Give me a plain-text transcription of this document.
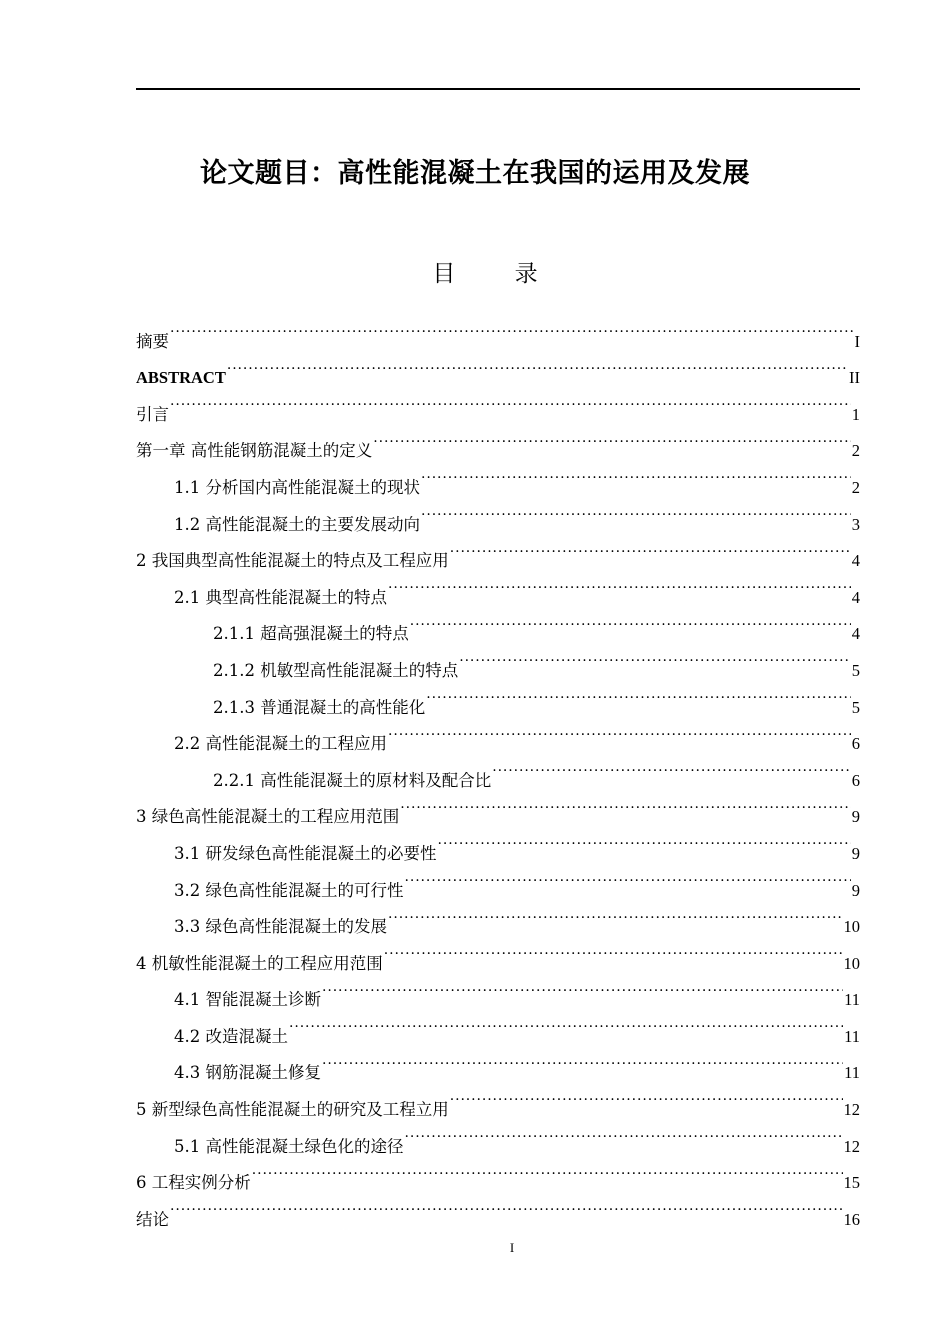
论文题目：高性能混凝土在我国的运用及发展
目 录
摘要 .....	I
ABSTRACT .....	II
引言 .....	1
第一章 高性能钢筋混凝土的定义 .....	2
1.1 分析国内高性能混凝土的现状 .....	2
1.2 高性能混凝土的主要发展动向 .....	3
2 我国典型高性能混凝土的特点及工程应用 .....	4
2.1 典型高性能混凝土的特点 .....	4
2.1.1 超高强混凝土的特点 .....	4
2.1.2 机敏型高性能混凝土的特点 .....	5
2.1.3 普通混凝土的高性能化 .....	5
2.2 高性能混凝土的工程应用 .....	6
2.2.1 高性能混凝土的原材料及配合比 .....	6
3 绿色高性能混凝土的工程应用范围 .....	9
3.1 研发绿色高性能混凝土的必要性 .....	9
3.2 绿色高性能混凝土的可行性 .....	9
3.3 绿色高性能混凝土的发展 .....	10
4 机敏性能混凝土的工程应用范围 .....	10
4.1 智能混凝土诊断 .....	11
4.2 改造混凝土 .....	11
4.3 钢筋混凝土修复 .....	11
5 新型绿色高性能混凝土的研究及工程立用 .....	12
5.1 高性能混凝土绿色化的途径 .....	12
6 工程实例分析 .....	15
结论 .....	16
I
